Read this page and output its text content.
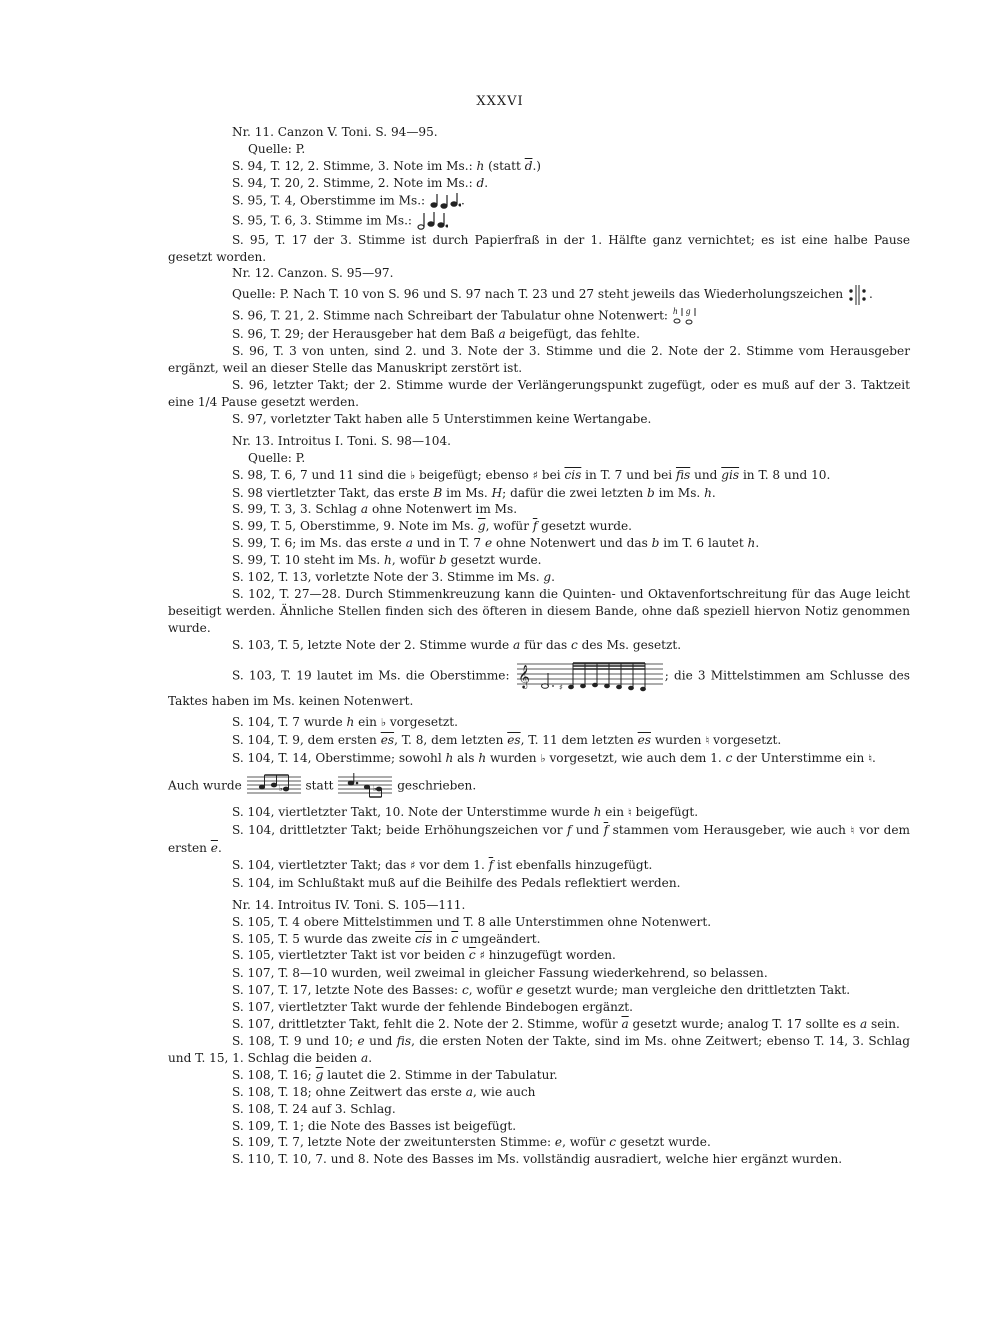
XXXVI

Nr. 11. Canzon V. Toni. S. 94—95.

Quelle: P.

S. 94, T. 12, 2. Stimme, 3. Note im Ms.: h (statt $\overline{d}$.)

S. 94, T. 20, 2. Stimme, 2. Note im Ms.: d.

S. 95, T. 4, Oberstimme im Ms.:	.

S. 95, T. 6, 3. Stimme im Ms.:

S. 95, T. 17 der 3. Stimme ist durch Papierfraß in der 1. Hälfte ganz vernichtet; es ist eine halbe Pause gesetzt worden.

Nr. 12. Canzon. S. 95—97.

Quelle: P. Nach T. 10 von S. 96 und S. 97 nach T. 23 und 27 steht jeweils das Wiederholungszeichen .

S. 96, T. 21, 2. Stimme nach Schreibart der Tabulatur ohne Notenwert: h g

S. 96, T. 29; der Herausgeber hat dem Baß a beigefügt, das fehlte.

S. 96, T. 3 von unten, sind 2. und 3. Note der 3. Stimme und die 2. Note der 2. Stimme vom Herausgeber ergänzt, weil an dieser Stelle das Manuskript zerstört ist.

S. 96, letzter Takt; der 2. Stimme wurde der Verlängerungspunkt zugefügt, oder es muß auf der 3. Taktzeit eine 1/4 Pause gesetzt werden.

S. 97, vorletzter Takt haben alle 5 Unterstimmen keine Wertangabe.

Nr. 13. Introitus I. Toni. S. 98—104.

Quelle: P.

S. 98, T. 6, 7 und 11 sind die ♭ beigefügt; ebenso ♯ bei $\overline{cis}$ in T. 7 und bei $\overline{fis}$ und $\overline{gis}$ in T. 8 und 10.

S. 98 viertletzter Takt, das erste B im Ms. H; dafür die zwei letzten b im Ms. h.

S. 99, T. 3, 3. Schlag a ohne Notenwert im Ms.

S. 99, T. 5, Oberstimme, 9. Note im Ms. $\overline{g}$, wofür $\overline{f}$ gesetzt wurde.

S. 99, T. 6; im Ms. das erste a und in T. 7 e ohne Notenwert und das b im T. 6 lautet h.

S. 99, T. 10 steht im Ms. h, wofür b gesetzt wurde.

S. 102, T. 13, vorletzte Note der 3. Stimme im Ms. g.

S. 102, T. 27—28. Durch Stimmenkreuzung kann die Quinten- und Oktavenfortschreitung für das Auge leicht beseitigt werden. Ähnliche Stellen finden sich des öfteren in diesem Bande, ohne daß speziell hiervon Notiz genommen wurde.

S. 103, T. 5, letzte Note der 2. Stimme wurde a für das c des Ms. gesetzt.

S. 103, T. 19 lautet im Ms. die Oberstimme: 𝄞	♯
; die 3 Mittelstimmen am Schlusse des Taktes haben im Ms. keinen Notenwert.

S. 104, T. 7 wurde h ein ♭ vorgesetzt.

S. 104, T. 9, dem ersten $\overline{es}$, T. 8, dem letzten $\overline{es}$, T. 11 dem letzten $\overline{es}$ wurden ♮ vorgesetzt.

S. 104, T. 14, Oberstimme; sowohl h als h wurden ♭ vorgesetzt, wie auch dem 1. c der Unterstimme ein ♮.

Auch wurde	♭ statt	♭ geschrieben.

S. 104, viertletzter Takt, 10. Note der Unterstimme wurde h ein ♮ beigefügt.

S. 104, drittletzter Takt; beide Erhöhungszeichen vor f und $\overline{f}$ stammen vom Herausgeber, wie auch ♮ vor dem ersten $\overline{e}$.

S. 104, viertletzter Takt; das ♯ vor dem 1. $\overline{f}$ ist ebenfalls hinzugefügt.

S. 104, im Schlußtakt muß auf die Beihilfe des Pedals reflektiert werden.

Nr. 14. Introitus IV. Toni. S. 105—111.

S. 105, T. 4 obere Mittelstimmen und T. 8 alle Unterstimmen ohne Notenwert.

S. 105, T. 5 wurde das zweite $\overline{cis}$ in $\overline{c}$ umgeändert.

S. 105, viertletzter Takt ist vor beiden $\overline{c}$ ♯ hinzugefügt worden.

S. 107, T. 8—10 wurden, weil zweimal in gleicher Fassung wiederkehrend, so belassen.

S. 107, T. 17, letzte Note des Basses: c, wofür e gesetzt wurde; man vergleiche den drittletzten Takt.

S. 107, viertletzter Takt wurde der fehlende Bindebogen ergänzt.

S. 107, drittletzter Takt, fehlt die 2. Note der 2. Stimme, wofür $\overline{a}$ gesetzt wurde; analog T. 17 sollte es a sein.

S. 108, T. 9 und 10; e und fis, die ersten Noten der Takte, sind im Ms. ohne Zeitwert; ebenso T. 14, 3. Schlag und T. 15, 1. Schlag die beiden a.

S. 108, T. 16; $\overline{g}$ lautet die 2. Stimme in der Tabulatur.

S. 108, T. 18; ohne Zeitwert das erste a, wie auch

S. 108, T. 24 auf 3. Schlag.

S. 109, T. 1; die Note des Basses ist beigefügt.

S. 109, T. 7, letzte Note der zweituntersten Stimme: e, wofür c gesetzt wurde.

S. 110, T. 10, 7. und 8. Note des Basses im Ms. vollständig ausradiert, welche hier ergänzt wurden.
